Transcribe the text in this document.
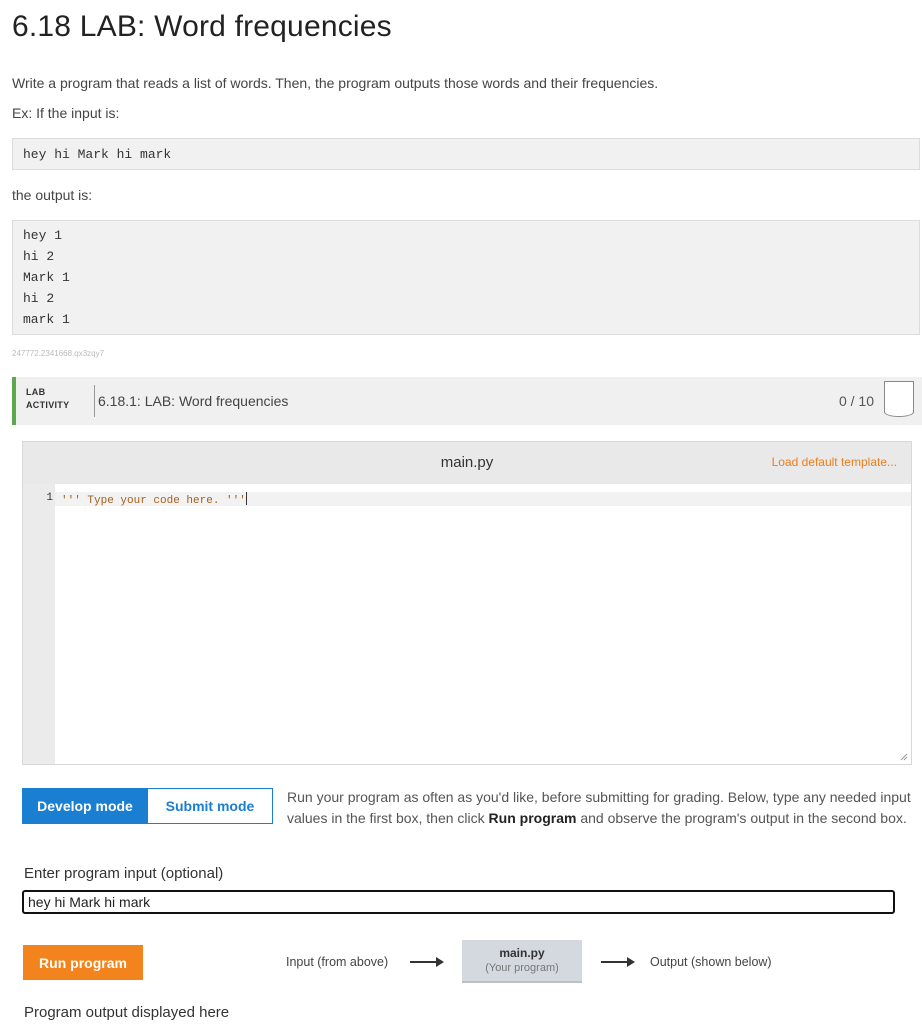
6.18 LAB: Word frequencies

Write a program that reads a list of words. Then, the program outputs those words and their frequencies.

Ex: If the input is:

hey hi Mark hi mark

the output is:

hey 1
hi 2
Mark 1
hi 2
mark 1
247772.2341668.qx3zqy7
LAB
ACTIVITY 6.18.1: LAB: Word frequencies	0 / 10
main.py	Load default template...
1 ''' Type your code here. '''
Develop mode	Submit mode

Run your program as often as you'd like, before submitting for grading. Below, type any needed input values in the first box, then click Run program and observe the program's output in the second box.

Enter program input (optional)
hey hi Mark hi mark
Run program	Input (from above)
main.py
(Your program)	Output (shown below)
Program output displayed here
